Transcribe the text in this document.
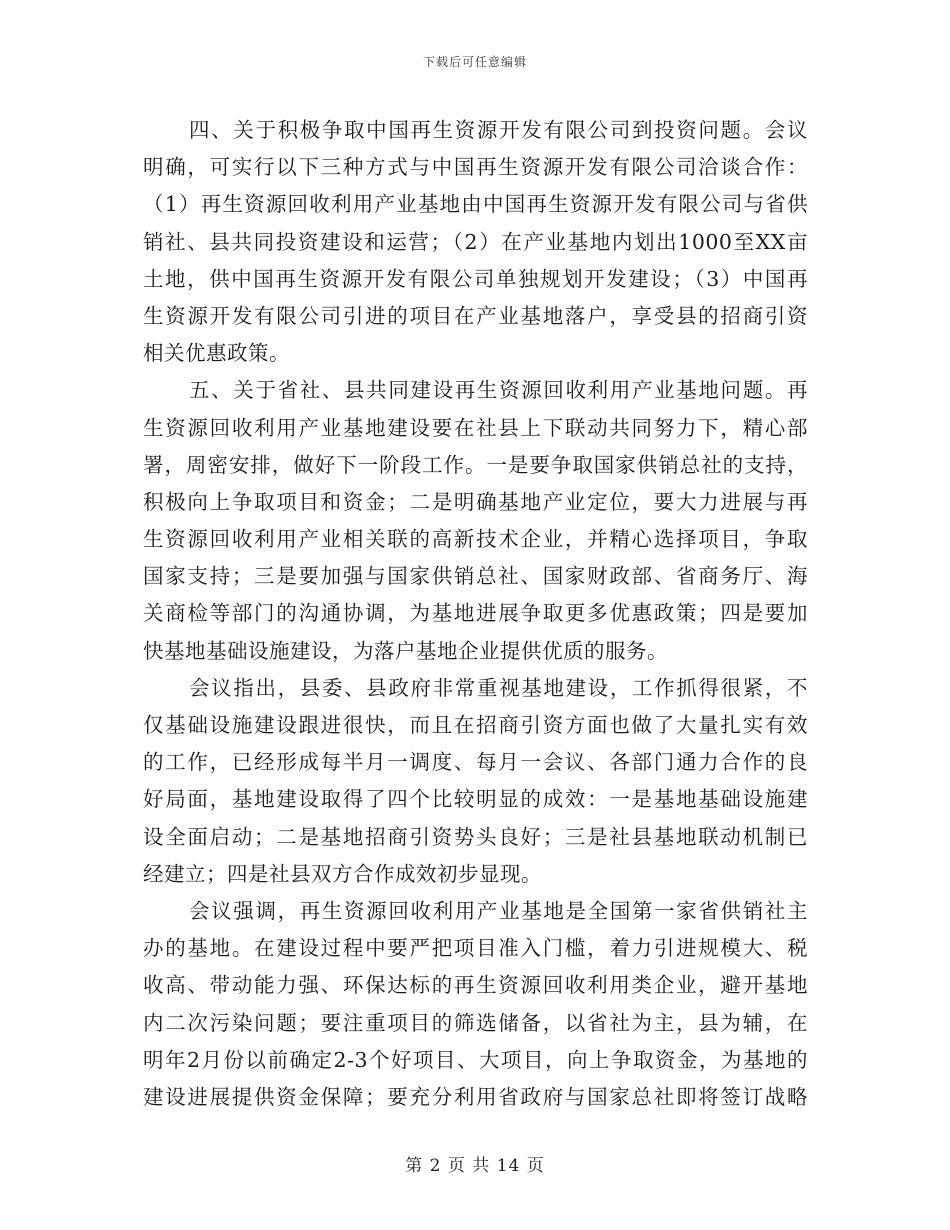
下载后可任意编辑
四、关于积极争取中国再生资源开发有限公司到投资问题。会议
明确，可实行以下三种方式与中国再生资源开发有限公司洽谈合作：
（1）再生资源回收利用产业基地由中国再生资源开发有限公司与省供
销社、县共同投资建设和运营；（2）在产业基地内划出1000至XX亩
土地，供中国再生资源开发有限公司单独规划开发建设；（3）中国再
生资源开发有限公司引进的项目在产业基地落户，享受县的招商引资
相关优惠政策。
五、关于省社、县共同建设再生资源回收利用产业基地问题。再
生资源回收利用产业基地建设要在社县上下联动共同努力下，精心部
署，周密安排，做好下一阶段工作。一是要争取国家供销总社的支持，
积极向上争取项目和资金；二是明确基地产业定位，要大力进展与再
生资源回收利用产业相关联的高新技术企业，并精心选择项目，争取
国家支持；三是要加强与国家供销总社、国家财政部、省商务厅、海
关商检等部门的沟通协调，为基地进展争取更多优惠政策；四是要加
快基地基础设施建设，为落户基地企业提供优质的服务。
会议指出，县委、县政府非常重视基地建设，工作抓得很紧，不
仅基础设施建设跟进很快，而且在招商引资方面也做了大量扎实有效
的工作，已经形成每半月一调度、每月一会议、各部门通力合作的良
好局面，基地建设取得了四个比较明显的成效：一是基地基础设施建
设全面启动；二是基地招商引资势头良好；三是社县基地联动机制已
经建立；四是社县双方合作成效初步显现。
会议强调，再生资源回收利用产业基地是全国第一家省供销社主
办的基地。在建设过程中要严把项目准入门槛，着力引进规模大、税
收高、带动能力强、环保达标的再生资源回收利用类企业，避开基地
内二次污染问题；要注重项目的筛选储备，以省社为主，县为辅，在
明年2月份以前确定2-3个好项目、大项目，向上争取资金，为基地的
建设进展提供资金保障；要充分利用省政府与国家总社即将签订战略
第 2 页 共 14 页
